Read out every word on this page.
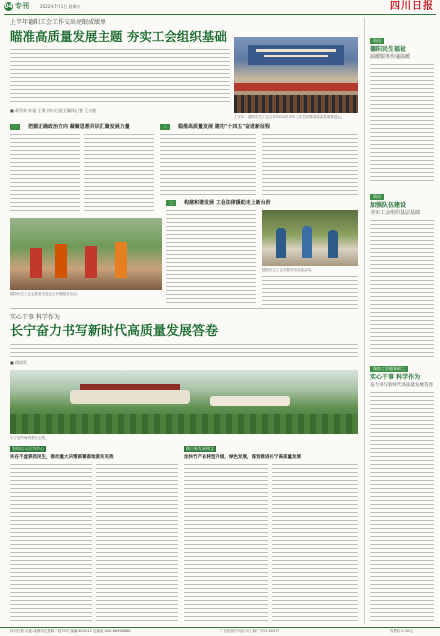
04 专刊	2022年7月1日 星期五	四川日报
上半年德阳工会工作交出亮眼成绩单
瞄准高质量发展主题 夯实工会组织基础
■ 蒋雪英 叶丽 王海 四川日报全媒体记者 王小波
上半年，德阳市总工会召开2022年半年工作总结暨高质量发展推进会。
一	把握正确政治方向 凝聚思想共识汇聚发展力量
德阳市总工会志愿者走进社区开展服务活动。
二	稳推高质量发展 建功"十四五"奋进新征程
三	构建和谐发展 工会法律援助走上新台阶
德阳市总工会开展劳动竞赛活动。
实心干事 科学作为
长宁奋力书写新时代高质量发展答卷
■ 徐国军
长宁县竹海风景区全景。
坚持以人民为中心
实在不虚狠抓民生，推动重大决策部署落地落实见效
践行新发展理念
加快竹产业转型升级，绿色发展，谋划推进长宁高质量发展
资讯
德阳民生福祉
温暖服务传递温暖
资讯
加强队伍建设
夯实工会组织基层基础
聚焦工会服务职工
实心干事 科学作为
奋力书写新时代高质量发展答卷
四川日报 社址:成都市红星路二段70号 邮编:610012 总编室:028-86968888	广告经营许可证:川工商广字01-002号	零售价:1.50元
